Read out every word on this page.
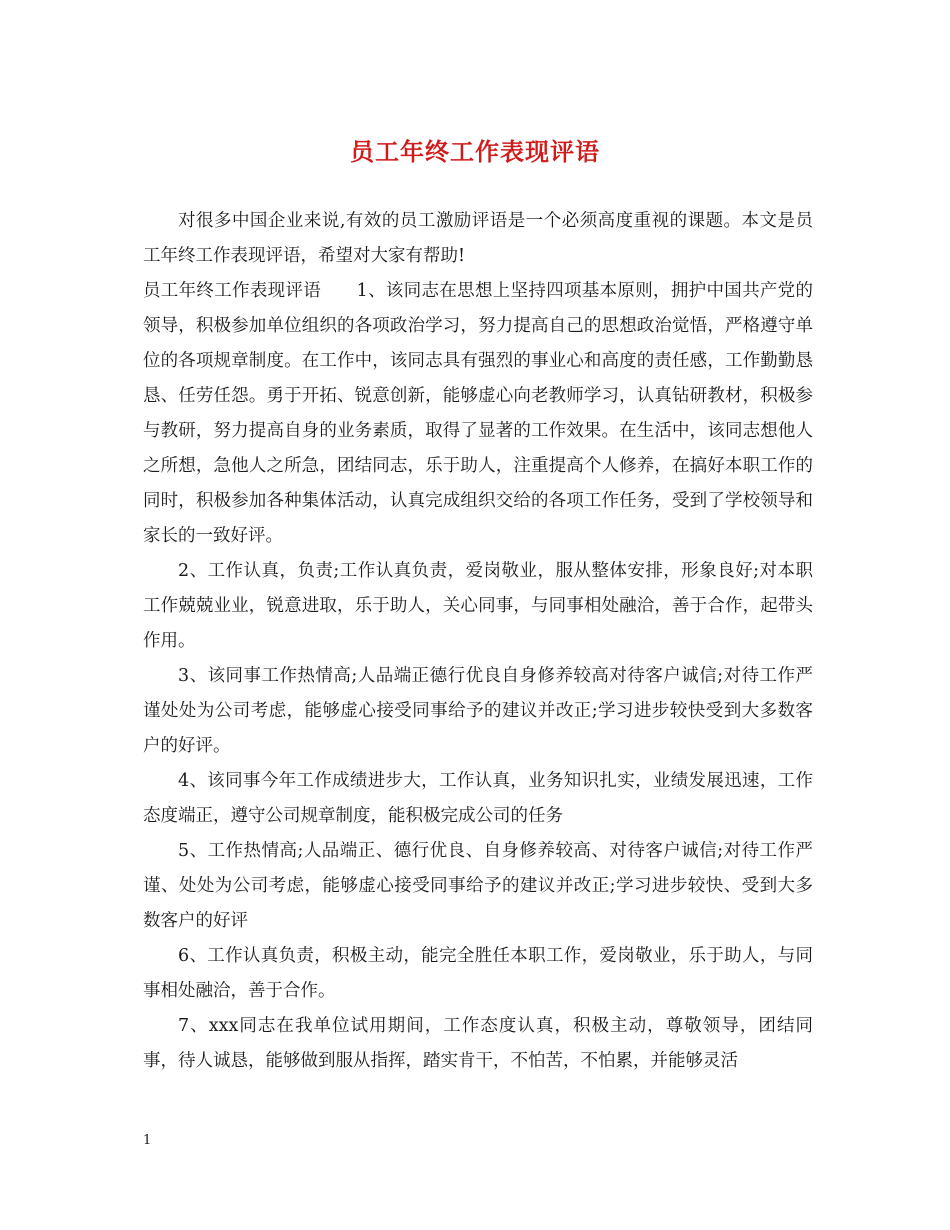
员工年终工作表现评语

对很多中国企业来说,有效的员工激励评语是一个必须高度重视的课题。本文是员工年终工作表现评语，希望对大家有帮助!

员工年终工作表现评语　　1、该同志在思想上坚持四项基本原则，拥护中国共产党的领导，积极参加单位组织的各项政治学习，努力提高自己的思想政治觉悟，严格遵守单位的各项规章制度。在工作中，该同志具有强烈的事业心和高度的责任感，工作勤勤恳恳、任劳任怨。勇于开拓、锐意创新，能够虚心向老教师学习，认真钻研教材，积极参与教研，努力提高自身的业务素质，取得了显著的工作效果。在生活中，该同志想他人之所想，急他人之所急，团结同志，乐于助人，注重提高个人修养，在搞好本职工作的同时，积极参加各种集体活动，认真完成组织交给的各项工作任务，受到了学校领导和家长的一致好评。

2、工作认真，负责;工作认真负责，爱岗敬业，服从整体安排，形象良好;对本职工作兢兢业业，锐意进取，乐于助人，关心同事，与同事相处融洽，善于合作，起带头作用。

3、该同事工作热情高;人品端正德行优良自身修养较高对待客户诚信;对待工作严谨处处为公司考虑，能够虚心接受同事给予的建议并改正;学习进步较快受到大多数客户的好评。

4、该同事今年工作成绩进步大，工作认真，业务知识扎实，业绩发展迅速，工作态度端正，遵守公司规章制度，能积极完成公司的任务

5、工作热情高;人品端正、德行优良、自身修养较高、对待客户诚信;对待工作严谨、处处为公司考虑，能够虚心接受同事给予的建议并改正;学习进步较快、受到大多数客户的好评

6、工作认真负责，积极主动，能完全胜任本职工作，爱岗敬业，乐于助人，与同事相处融洽，善于合作。

7、xxx同志在我单位试用期间，工作态度认真，积极主动，尊敬领导，团结同事，待人诚恳，能够做到服从指挥，踏实肯干，不怕苦，不怕累，并能够灵活

1
